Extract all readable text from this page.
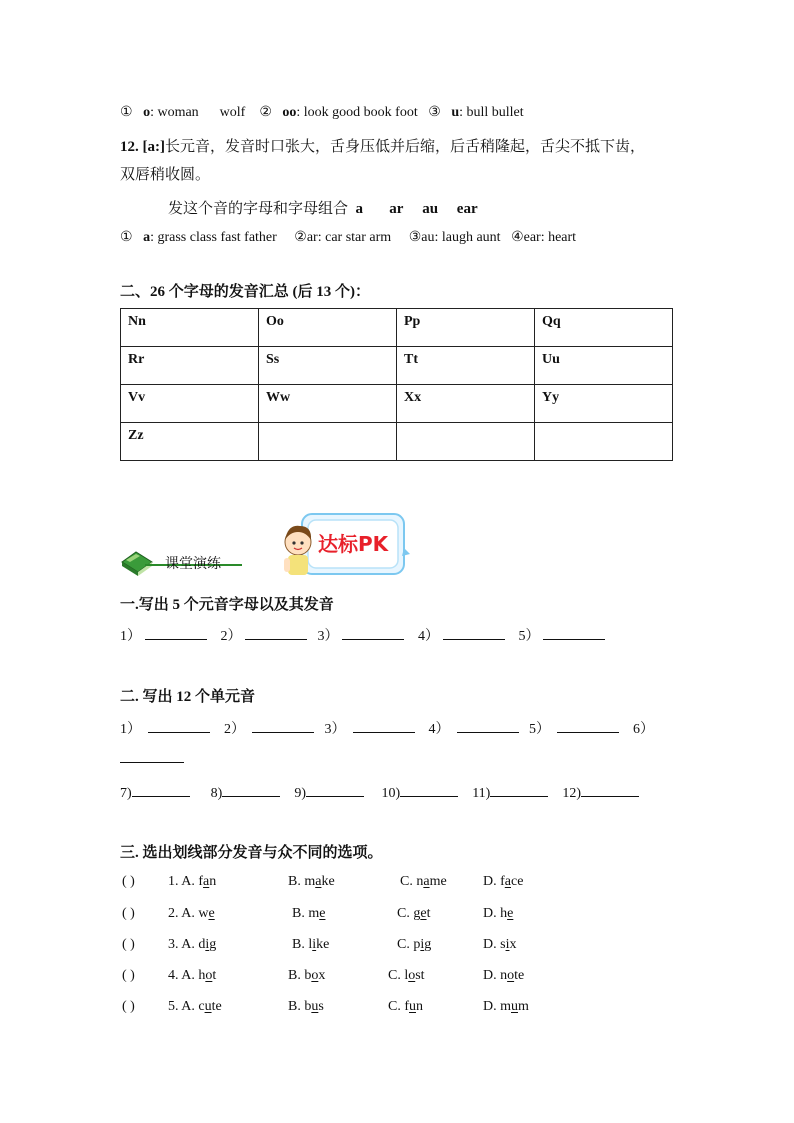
① o: woman wolf ② oo: look good book foot ③ u: bull bullet
12. [a:]长元音，发音时口张大，舌身压低并后缩，后舌稍隆起，舌尖不抵下齿，
双唇稍收圆。
发这个音的字母和字母组合 a ar au ear
① a: grass class fast father ②ar: car star arm ③au: laugh aunt ④ear: heart
二、26 个字母的发音汇总 (后 13 个)：
Nn	Oo	Pp	Qq
Rr	Ss	Tt	Uu
Vv	Ww	Xx	Yy
Zz			
课堂演练
达标PK
一.写出 5 个元音字母以及其发音
1）	2）	3）	4）	5）
二. 写出 12 个单元音
1）	2）	3）	4）	5）	6）
7)	8)	9)	10)	11)	12)
三. 选出划线部分发音与众不同的选项。
( ) 1. A. fan	B. make	C. name	D. face
( ) 2. A. we	B. me	C. get	D. he
( ) 3. A. dig	B. like	C. pig	D. six
( ) 4. A. hot	B. box	C. lost	D. note
( ) 5. A. cute	B. bus	C. fun	D. mum
